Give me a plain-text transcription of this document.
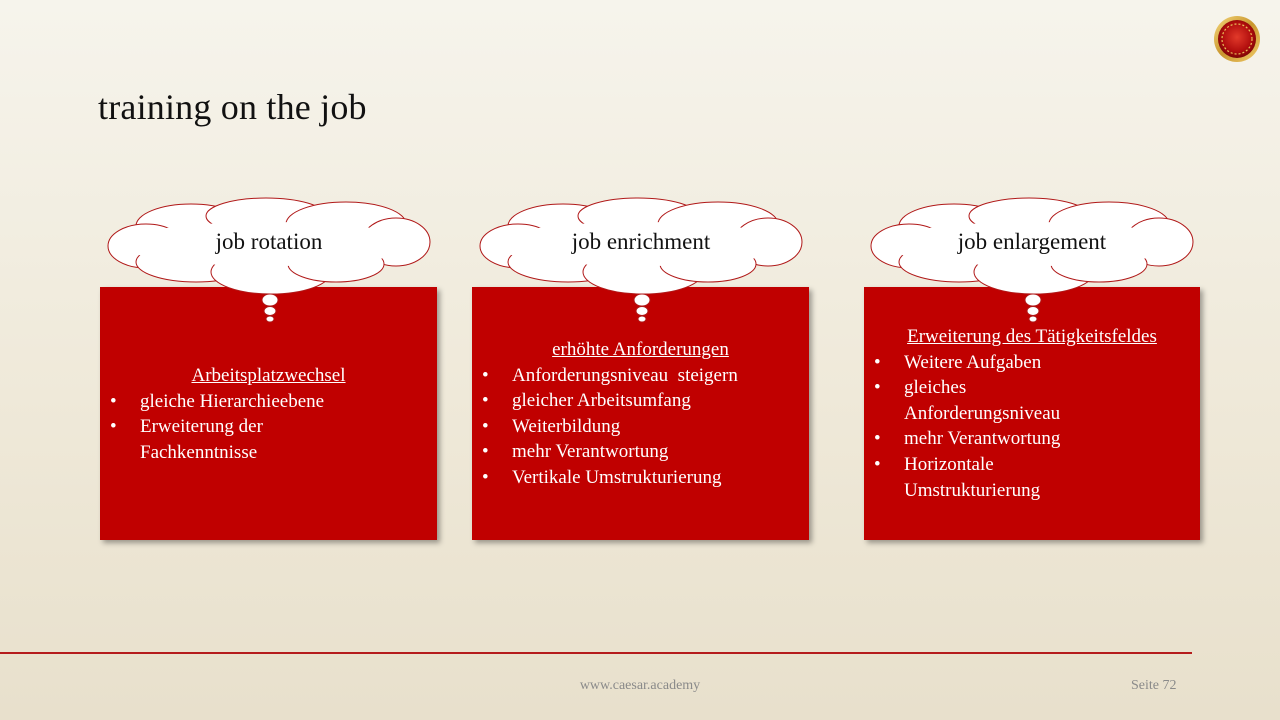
training on the job
Arbeitsplatzwechsel
• gleiche Hierarchieebene
• Erweiterung der Fachkenntnisse
job rotation
erhöhte Anforderungen
• Anforderungsniveau  steigern
• gleicher Arbeitsumfang
• Weiterbildung
• mehr Verantwortung
• Vertikale Umstrukturierung
job enrichment
Erweiterung des Tätigkeitsfeldes
• Weitere Aufgaben
• gleiches Anforderungsniveau
• mehr Verantwortung
• Horizontale Umstrukturierung
job enlargement
www.caesar.academy	Seite 72
